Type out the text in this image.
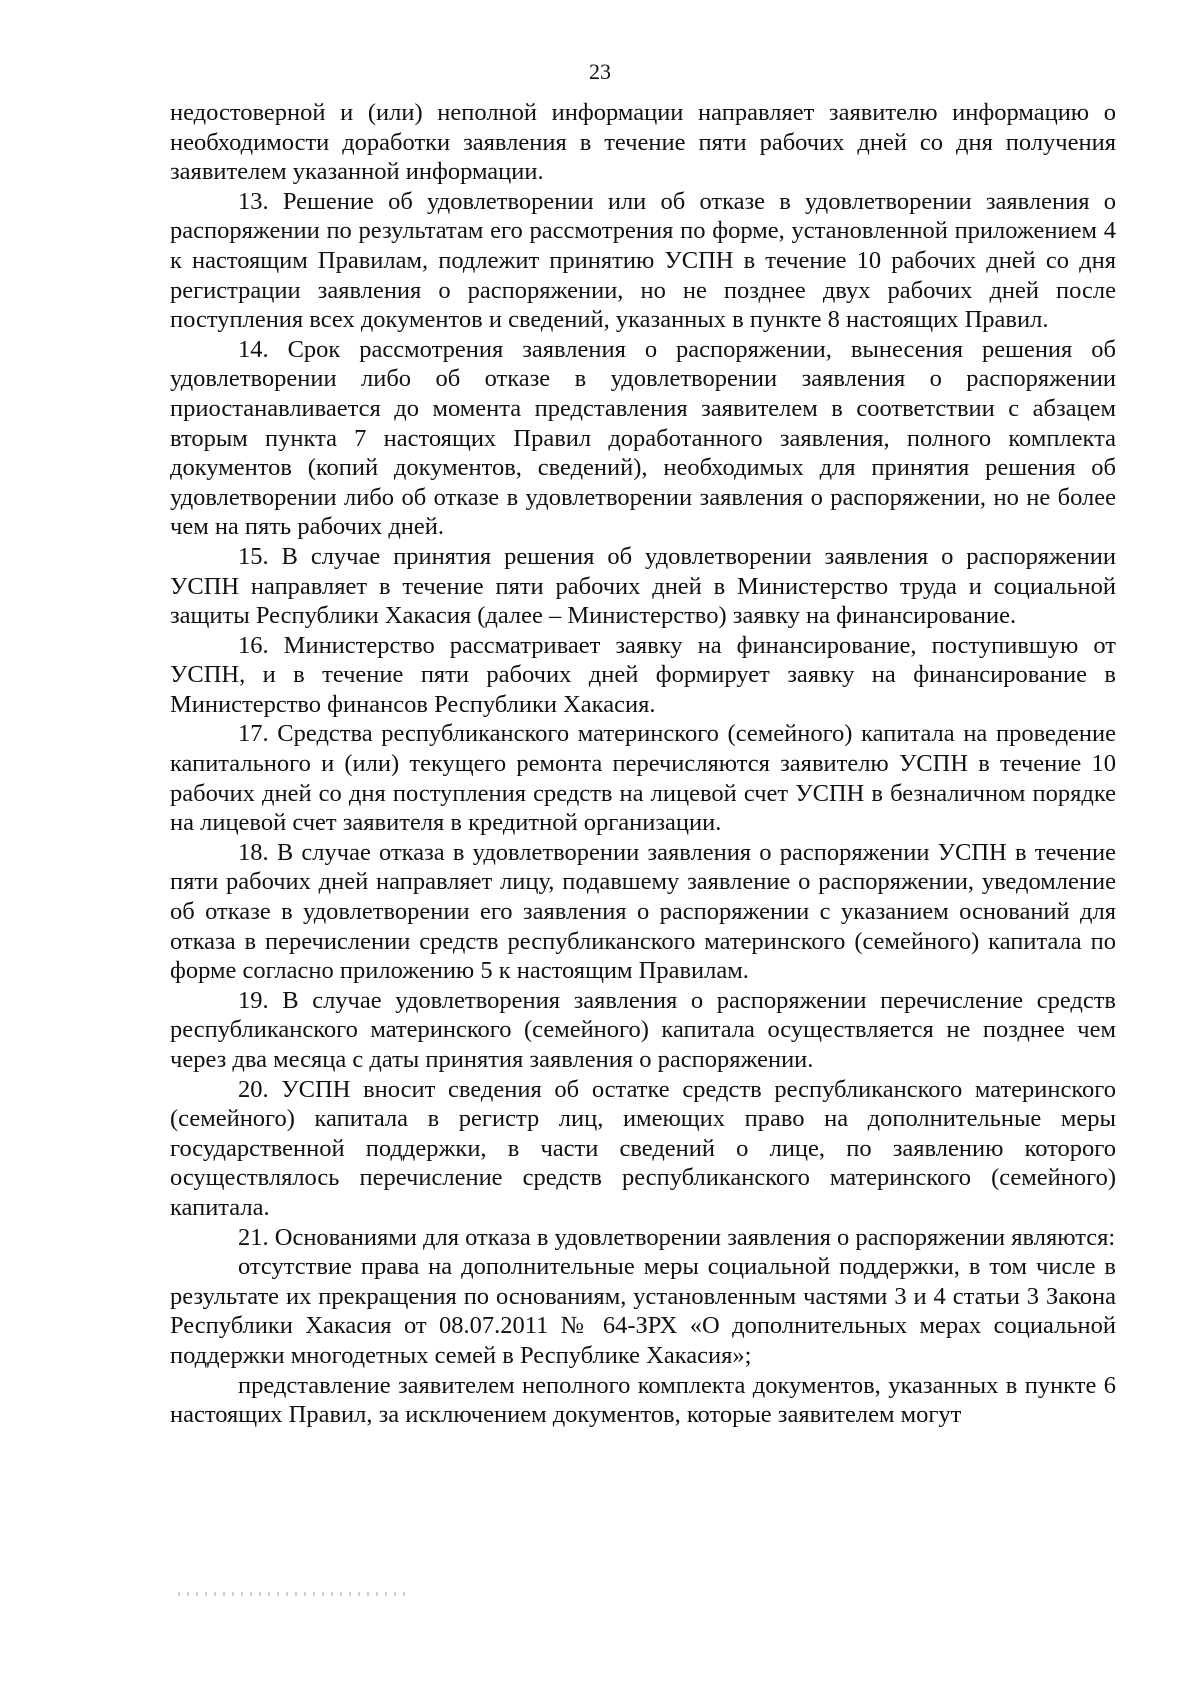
23

недостоверной и (или) неполной информации направляет заявителю информацию о необходимости доработки заявления в течение пяти рабочих дней со дня получения заявителем указанной информации.

13. Решение об удовлетворении или об отказе в удовлетворении заявления о распоряжении по результатам его рассмотрения по форме, установленной приложением 4 к настоящим Правилам, подлежит принятию УСПН в течение 10 рабочих дней со дня регистрации заявления о распоряжении, но не позднее двух рабочих дней после поступления всех документов и сведений, указанных в пункте 8 настоящих Правил.

14. Срок рассмотрения заявления о распоряжении, вынесения решения об удовлетворении либо об отказе в удовлетворении заявления о распоряжении приостанавливается до момента представления заявителем в соответствии с абзацем вторым пункта 7 настоящих Правил доработанного заявления, полного комплекта документов (копий документов, сведений), необходимых для принятия решения об удовлетворении либо об отказе в удовлетворении заявления о распоряжении, но не более чем на пять рабочих дней.

15. В случае принятия решения об удовлетворении заявления о распоряжении УСПН направляет в течение пяти рабочих дней в Министерство труда и социальной защиты Республики Хакасия (далее – Министерство) заявку на финансирование.

16. Министерство рассматривает заявку на финансирование, поступившую от УСПН, и в течение пяти рабочих дней формирует заявку на финансирование в Министерство финансов Республики Хакасия.

17. Средства республиканского материнского (семейного) капитала на проведение капитального и (или) текущего ремонта перечисляются заявителю УСПН в течение 10 рабочих дней со дня поступления средств на лицевой счет УСПН в безналичном порядке на лицевой счет заявителя в кредитной организации.

18. В случае отказа в удовлетворении заявления о распоряжении УСПН в течение пяти рабочих дней направляет лицу, подавшему заявление о распоряжении, уведомление об отказе в удовлетворении его заявления о распоряжении с указанием оснований для отказа в перечислении средств республиканского материнского (семейного) капитала по форме согласно приложению 5 к настоящим Правилам.

19. В случае удовлетворения заявления о распоряжении перечисление средств республиканского материнского (семейного) капитала осуществляется не позднее чем через два месяца с даты принятия заявления о распоряжении.

20. УСПН вносит сведения об остатке средств республиканского материнского (семейного) капитала в регистр лиц, имеющих право на дополнительные меры государственной поддержки, в части сведений о лице, по заявлению которого осуществлялось перечисление средств республиканского материнского (семейного) капитала.

21. Основаниями для отказа в удовлетворении заявления о распоряжении являются:

отсутствие права на дополнительные меры социальной поддержки, в том числе в результате их прекращения по основаниям, установленным частями 3 и 4 статьи 3 Закона Республики Хакасия от 08.07.2011 № 64-ЗРХ «О дополнительных мерах социальной поддержки многодетных семей в Республике Хакасия»;

представление заявителем неполного комплекта документов, указанных в пункте 6 настоящих Правил, за исключением документов, которые заявителем могут
